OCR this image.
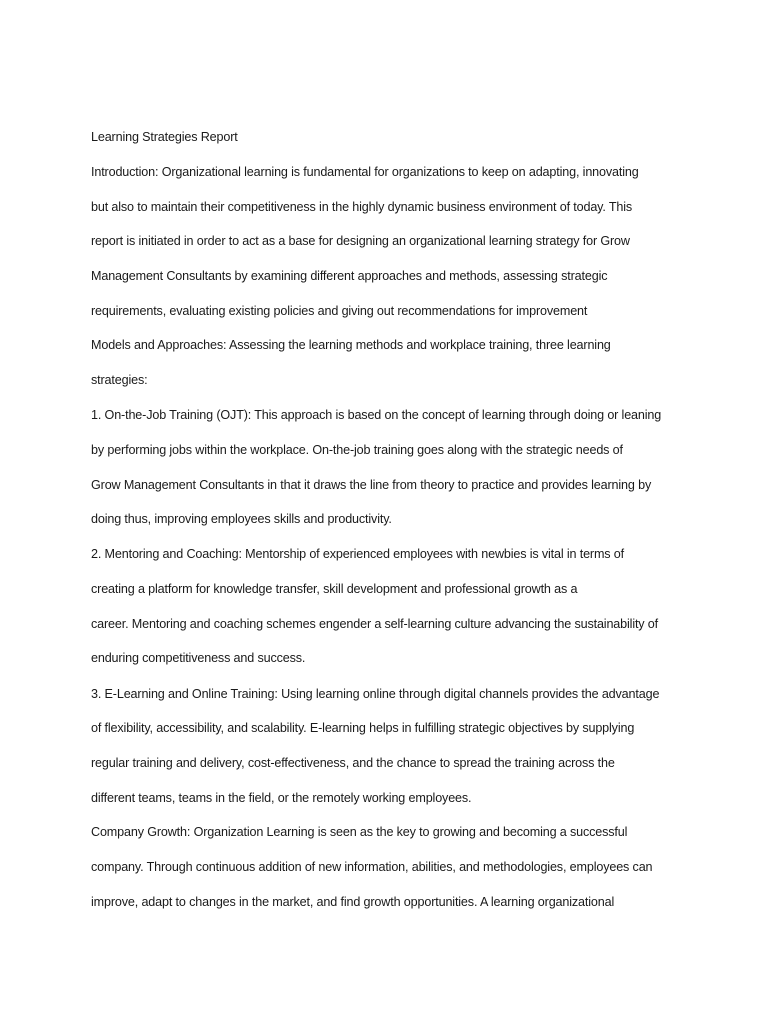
Learning Strategies Report

Introduction: Organizational learning is fundamental for organizations to keep on adapting, innovating

but also to maintain their competitiveness in the highly dynamic business environment of today. This

report is initiated in order to act as a base for designing an organizational learning strategy for Grow

Management Consultants by examining different approaches and methods, assessing strategic

requirements, evaluating existing policies and giving out recommendations for improvement

Models and Approaches: Assessing the learning methods and workplace training, three learning

strategies:

1. On-the-Job Training (OJT): This approach is based on the concept of learning through doing or leaning

by performing jobs within the workplace. On-the-job training goes along with the strategic needs of

Grow Management Consultants in that it draws the line from theory to practice and provides learning by

doing thus, improving employees skills and productivity.

2. Mentoring and Coaching: Mentorship of experienced employees with newbies is vital in terms of

creating a platform for knowledge transfer, skill development and professional growth as a

career. Mentoring and coaching schemes engender a self-learning culture advancing the sustainability of

enduring competitiveness and success.

3. E-Learning and Online Training: Using learning online through digital channels provides the advantage

of flexibility, accessibility, and scalability. E-learning helps in fulfilling strategic objectives by supplying

regular training and delivery, cost-effectiveness, and the chance to spread the training across the

different teams, teams in the field, or the remotely working employees.

Company Growth: Organization Learning is seen as the key to growing and becoming a successful

company. Through continuous addition of new information, abilities, and methodologies, employees can

improve, adapt to changes in the market, and find growth opportunities. A learning organizational
